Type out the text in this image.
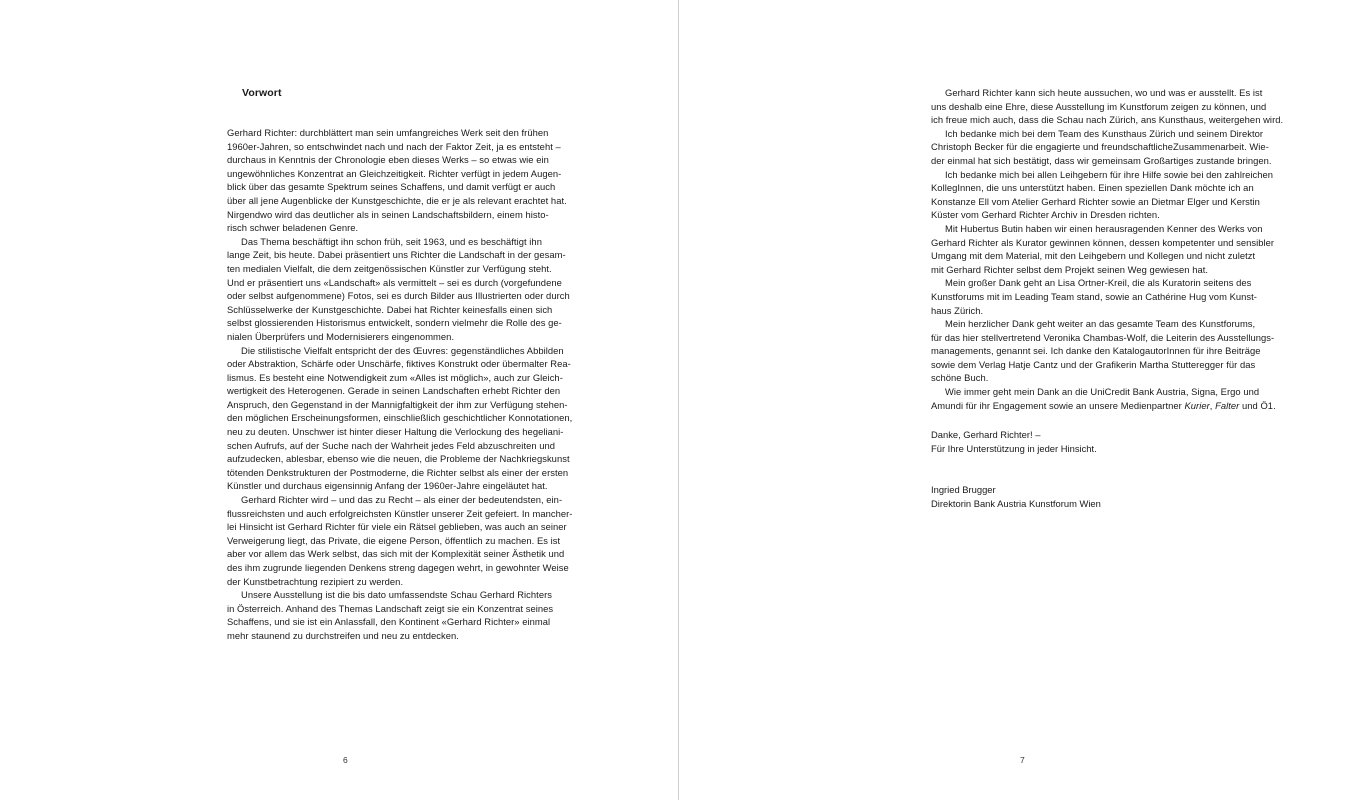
Vorwort
Gerhard Richter: durchblättert man sein umfangreiches Werk seit den frühen
1960er-Jahren, so entschwindet nach und nach der Faktor Zeit, ja es entsteht –
durchaus in Kenntnis der Chronologie eben dieses Werks – so etwas wie ein
ungewöhnliches Konzentrat an Gleichzeitigkeit. Richter verfügt in jedem Augen-
blick über das gesamte Spektrum seines Schaffens, und damit verfügt er auch
über all jene Augenblicke der Kunstgeschichte, die er je als relevant erachtet hat.
Nirgendwo wird das deutlicher als in seinen Landschaftsbildern, einem histo-
risch schwer beladenen Genre.
Das Thema beschäftigt ihn schon früh, seit 1963, und es beschäftigt ihn
lange Zeit, bis heute. Dabei präsentiert uns Richter die Landschaft in der gesam-
ten medialen Vielfalt, die dem zeitgenössischen Künstler zur Verfügung steht.
Und er präsentiert uns «Landschaft» als vermittelt – sei es durch (vorgefundene
oder selbst aufgenommene) Fotos, sei es durch Bilder aus Illustrierten oder durch
Schlüsselwerke der Kunstgeschichte. Dabei hat Richter keinesfalls einen sich
selbst glossierenden Historismus entwickelt, sondern vielmehr die Rolle des ge-
nialen Überprüfers und Modernisierers eingenommen.
Die stilistische Vielfalt entspricht der des Œuvres: gegenständliches Abbilden
oder Abstraktion, Schärfe oder Unschärfe, fiktives Konstrukt oder übermalter Rea-
lismus. Es besteht eine Notwendigkeit zum «Alles ist möglich», auch zur Gleich-
wertigkeit des Heterogenen. Gerade in seinen Landschaften erhebt Richter den
Anspruch, den Gegenstand in der Mannigfaltigkeit der ihm zur Verfügung stehen-
den möglichen Erscheinungsformen, einschließlich geschichtlicher Konnotationen,
neu zu deuten. Unschwer ist hinter dieser Haltung die Verlockung des hegeliani-
schen Aufrufs, auf der Suche nach der Wahrheit jedes Feld abzuschreiten und
aufzudecken, ablesbar, ebenso wie die neuen, die Probleme der Nachkriegskunst
tötenden Denkstrukturen der Postmoderne, die Richter selbst als einer der ersten
Künstler und durchaus eigensinnig Anfang der 1960er-Jahre eingeläutet hat.
Gerhard Richter wird – und das zu Recht – als einer der bedeutendsten, ein-
flussreichsten und auch erfolgreichsten Künstler unserer Zeit gefeiert. In mancher-
lei Hinsicht ist Gerhard Richter für viele ein Rätsel geblieben, was auch an seiner
Verweigerung liegt, das Private, die eigene Person, öffentlich zu machen. Es ist
aber vor allem das Werk selbst, das sich mit der Komplexität seiner Ästhetik und
des ihm zugrunde liegenden Denkens streng dagegen wehrt, in gewohnter Weise
der Kunstbetrachtung rezipiert zu werden.
Unsere Ausstellung ist die bis dato umfassendste Schau Gerhard Richters
in Österreich. Anhand des Themas Landschaft zeigt sie ein Konzentrat seines
Schaffens, und sie ist ein Anlassfall, den Kontinent «Gerhard Richter» einmal
mehr staunend zu durchstreifen und neu zu entdecken.
6
Gerhard Richter kann sich heute aussuchen, wo und was er ausstellt. Es ist
uns deshalb eine Ehre, diese Ausstellung im Kunstforum zeigen zu können, und
ich freue mich auch, dass die Schau nach Zürich, ans Kunsthaus, weitergehen wird.
Ich bedanke mich bei dem Team des Kunsthaus Zürich und seinem Direktor
Christoph Becker für die engagierte und freundschaftlicheZusammenarbeit. Wie-
der einmal hat sich bestätigt, dass wir gemeinsam Großartiges zustande bringen.
Ich bedanke mich bei allen Leihgebern für ihre Hilfe sowie bei den zahlreichen
KollegInnen, die uns unterstützt haben. Einen speziellen Dank möchte ich an
Konstanze Ell vom Atelier Gerhard Richter sowie an Dietmar Elger und Kerstin
Küster vom Gerhard Richter Archiv in Dresden richten.
Mit Hubertus Butin haben wir einen herausragenden Kenner des Werks von
Gerhard Richter als Kurator gewinnen können, dessen kompetenter und sensibler
Umgang mit dem Material, mit den Leihgebern und Kollegen und nicht zuletzt
mit Gerhard Richter selbst dem Projekt seinen Weg gewiesen hat.
Mein großer Dank geht an Lisa Ortner-Kreil, die als Kuratorin seitens des
Kunstforums mit im Leading Team stand, sowie an Cathérine Hug vom Kunst-
haus Zürich.
Mein herzlicher Dank geht weiter an das gesamte Team des Kunstforums,
für das hier stellvertretend Veronika Chambas-Wolf, die Leiterin des Ausstellungs-
managements, genannt sei. Ich danke den KatalogautorInnen für ihre Beiträge
sowie dem Verlag Hatje Cantz und der Grafikerin Martha Stutteregger für das
schöne Buch.
Wie immer geht mein Dank an die UniCredit Bank Austria, Signa, Ergo und
Amundi für ihr Engagement sowie an unsere Medienpartner Kurier, Falter und Ö1.
Danke, Gerhard Richter! –
Für Ihre Unterstützung in jeder Hinsicht.
Ingried Brugger
Direktorin Bank Austria Kunstforum Wien
7
